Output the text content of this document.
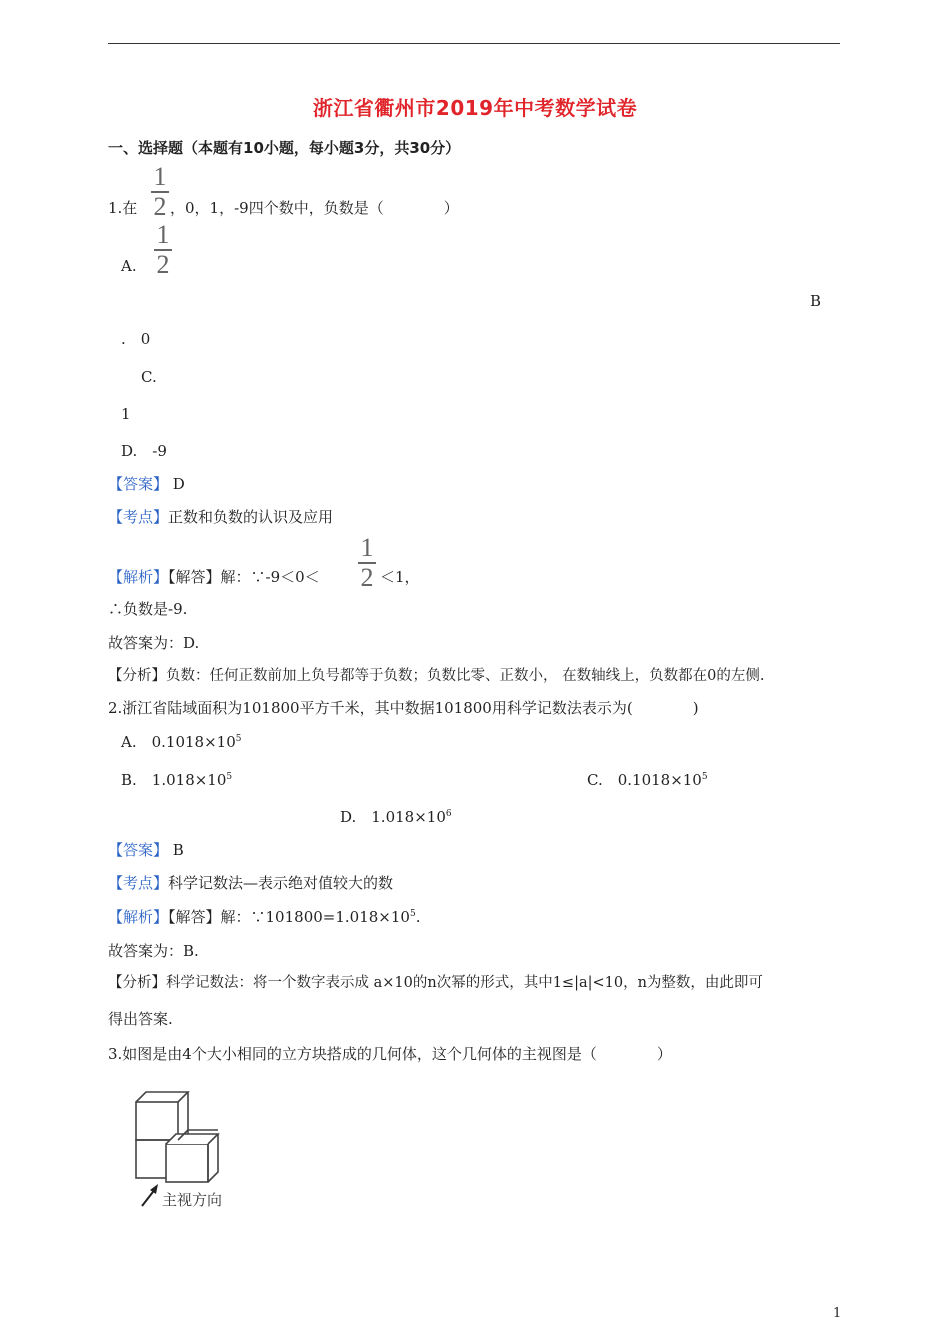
浙江省衢州市2019年中考数学试卷
一、选择题（本题有10小题，每小题3分，共30分）
1.在
1
2 ，0，1，-9四个数中，负数是（　　　　）
A.
1
2
B
.　0
C.
1
D.　-9
【答案】 D
【考点】正数和负数的认识及应用
【解析】【解答】解：∵-9＜0＜
1
2 ＜1，
∴负数是-9.
故答案为：D.
【分析】负数：任何正数前加上负号都等于负数；负数比零、正数小， 在数轴线上，负数都在0的左侧.
2.浙江省陆域面积为101800平方千米，其中数据101800用科学记数法表示为(　　　　)
A.　$0.1018\times 10^5$
B.　$1.018\times 10^5$	C.　$0.1018\times 10^5$
D.　$1.018\times 10^6$
【答案】 B
【考点】科学记数法—表示绝对值较大的数
【解析】【解答】解：$\because 101800=1.018\times 10^5$.
故答案为：B.
【分析】科学记数法：将一个数字表示成 a×10的n次幂的形式，其中1≤|a|<10，n为整数，由此即可
得出答案.
3.如图是由4个大小相同的立方块搭成的几何体，这个几何体的主视图是（　　　　）
主视方向
1
